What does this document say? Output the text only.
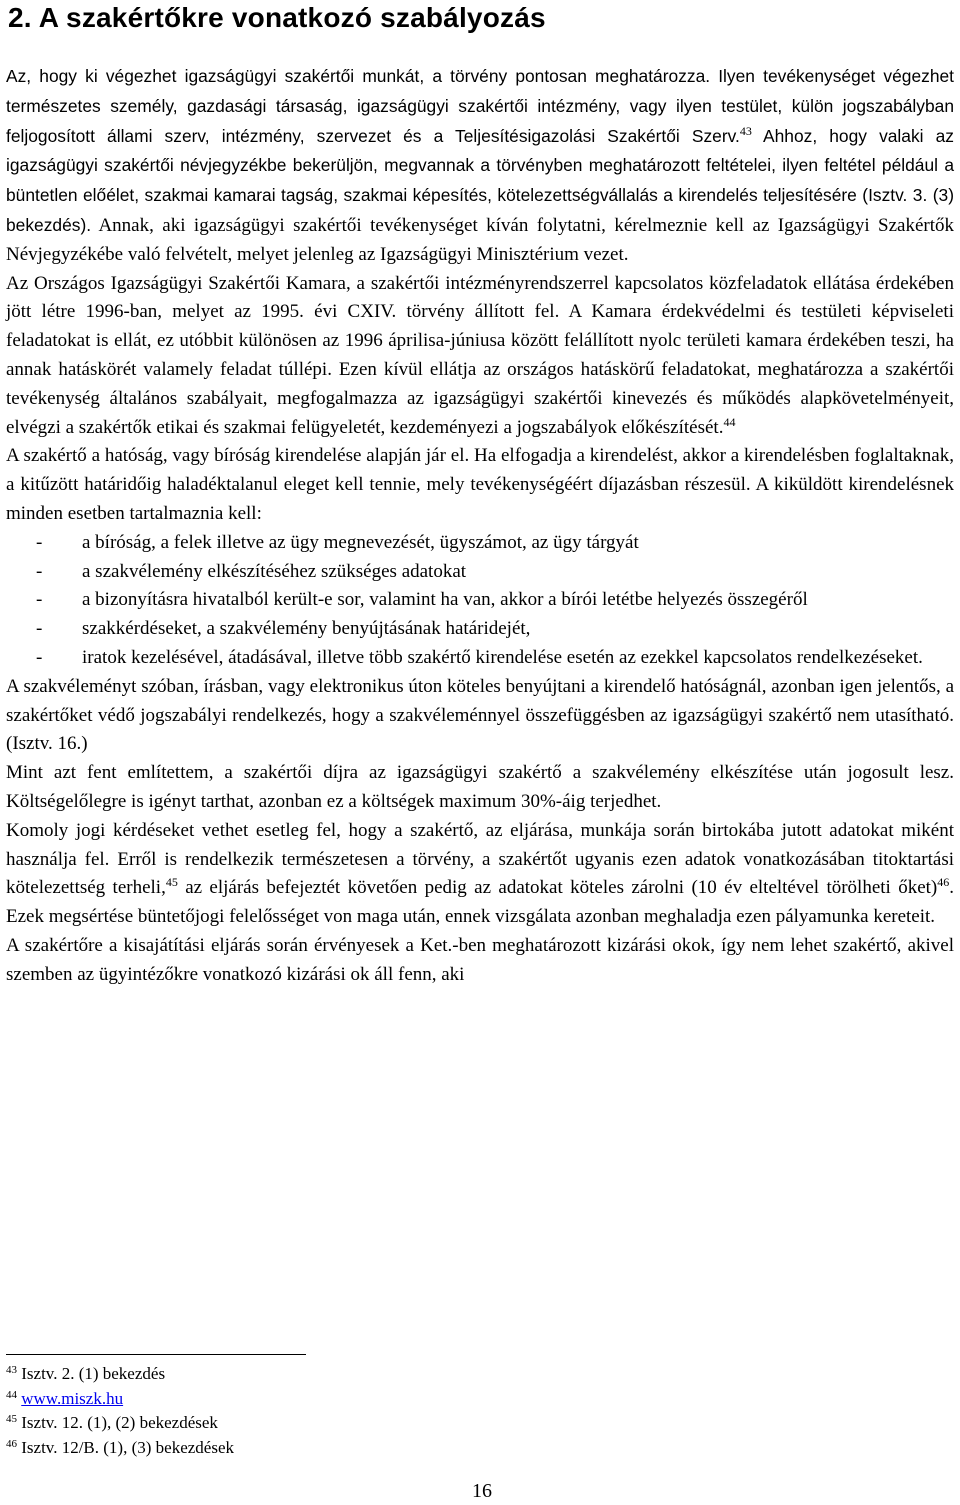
2. A szakértőkre vonatkozó szabályozás

Az, hogy ki végezhet igazságügyi szakértői munkát, a törvény pontosan meghatározza. Ilyen tevékenységet végezhet természetes személy, gazdasági társaság, igazságügyi szakértői intézmény, vagy ilyen testület, külön jogszabályban feljogosított állami szerv, intézmény, szervezet és a Teljesítésigazolási Szakértői Szerv.$^{43}$ Ahhoz, hogy valaki az igazságügyi szakértői névjegyzékbe bekerüljön, megvannak a törvényben meghatározott feltételei, ilyen feltétel például a büntetlen előélet, szakmai kamarai tagság, szakmai képesítés, kötelezettségvállalás a kirendelés teljesítésére (Isztv. 3. (3) bekezdés). Annak, aki igazságügyi szakértői tevékenységet kíván folytatni, kérelmeznie kell az Igazságügyi Szakértők Névjegyzékébe való felvételt, melyet jelenleg az Igazságügyi Minisztérium vezet.

Az Országos Igazságügyi Szakértői Kamara, a szakértői intézményrendszerrel kapcsolatos közfeladatok ellátása érdekében jött létre 1996-ban, melyet az 1995. évi CXIV. törvény állított fel. A Kamara érdekvédelmi és testületi képviseleti feladatokat is ellát, ez utóbbit különösen az 1996 áprilisa-júniusa között felállított nyolc területi kamara érdekében teszi, ha annak hatáskörét valamely feladat túllépi. Ezen kívül ellátja az országos hatáskörű feladatokat, meghatározza a szakértői tevékenység általános szabályait, megfogalmazza az igazságügyi szakértői kinevezés és működés alapkövetelményeit, elvégzi a szakértők etikai és szakmai felügyeletét, kezdeményezi a jogszabályok előkészítését.$^{44}$

A szakértő a hatóság, vagy bíróság kirendelése alapján jár el. Ha elfogadja a kirendelést, akkor a kirendelésben foglaltaknak, a kitűzött határidőig haladéktalanul eleget kell tennie, mely tevékenységéért díjazásban részesül. A kiküldött kirendelésnek minden esetben tartalmaznia kell:

- a bíróság, a felek illetve az ügy megnevezését, ügyszámot, az ügy tárgyát
- a szakvélemény elkészítéséhez szükséges adatokat
- a bizonyításra hivatalból került-e sor, valamint ha van, akkor a bírói letétbe helyezés összegéről
- szakkérdéseket, a szakvélemény benyújtásának határidejét,
- iratok kezelésével, átadásával, illetve több szakértő kirendelése esetén az ezekkel kapcsolatos rendelkezéseket.

A szakvéleményt szóban, írásban, vagy elektronikus úton köteles benyújtani a kirendelő hatóságnál, azonban igen jelentős, a szakértőket védő jogszabályi rendelkezés, hogy a szakvéleménnyel összefüggésben az igazságügyi szakértő nem utasítható. (Isztv. 16.)

Mint azt fent említettem, a szakértői díjra az igazságügyi szakértő a szakvélemény elkészítése után jogosult lesz. Költségelőlegre is igényt tarthat, azonban ez a költségek maximum 30%-áig terjedhet.

Komoly jogi kérdéseket vethet esetleg fel, hogy a szakértő, az eljárása, munkája során birtokába jutott adatokat miként használja fel. Erről is rendelkezik természetesen a törvény, a szakértőt ugyanis ezen adatok vonatkozásában titoktartási kötelezettség terheli,$^{45}$ az eljárás befejeztét követően pedig az adatokat köteles zárolni (10 év elteltével törölheti őket)$^{46}$. Ezek megsértése büntetőjogi felelősséget von maga után, ennek vizsgálata azonban meghaladja ezen pályamunka kereteit.

A szakértőre a kisajátítási eljárás során érvényesek a Ket.-ben meghatározott kizárási okok, így nem lehet szakértő, akivel szemben az ügyintézőkre vonatkozó kizárási ok áll fenn, aki

$^{43}$ Isztv. 2. (1) bekezdés
$^{44}$ www.miszk.hu
$^{45}$ Isztv. 12. (1), (2) bekezdések
$^{46}$ Isztv. 12/B. (1), (3) bekezdések
16
